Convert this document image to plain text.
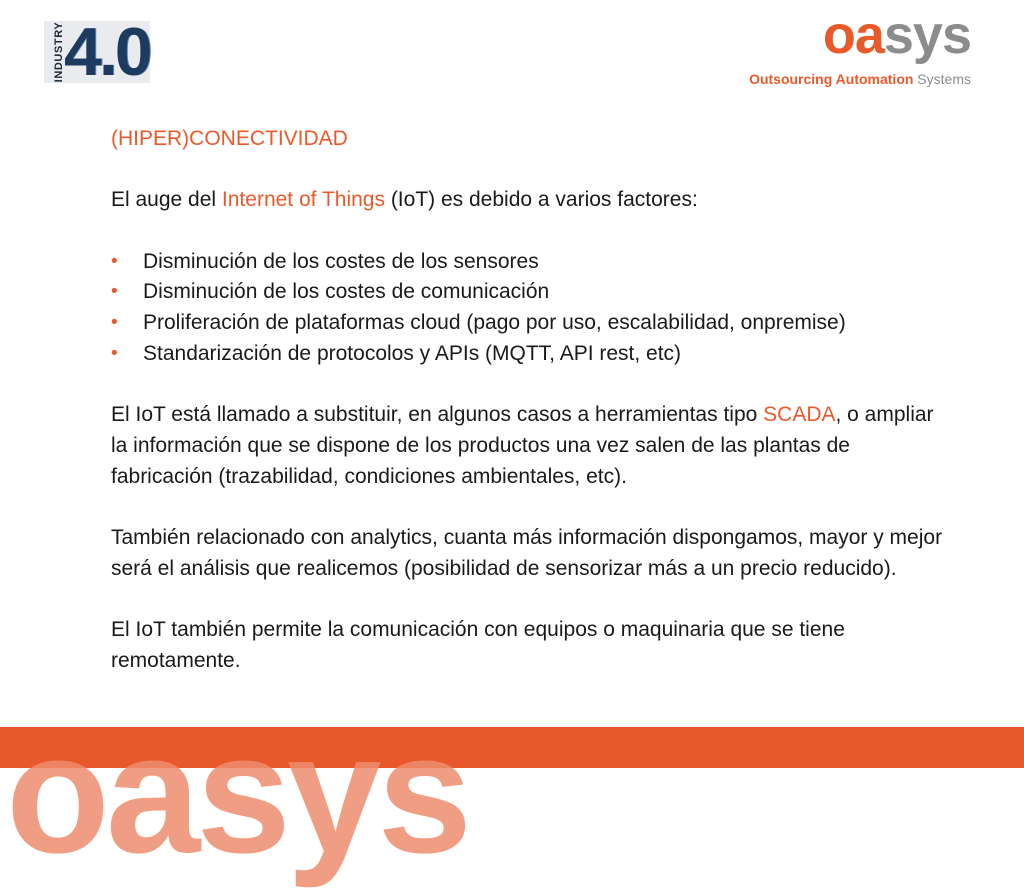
INDUSTRY 4.0	oasys
Outsourcing Automation Systems

(HIPER)CONECTIVIDAD

El auge del Internet of Things (IoT) es debido a varios factores:

• Disminución de los costes de los sensores
• Disminución de los costes de comunicación
• Proliferación de plataformas cloud (pago por uso, escalabilidad, onpremise)
• Standarización de protocolos y APIs (MQTT, API rest, etc)

El IoT está llamado a substituir, en algunos casos a herramientas tipo SCADA, o ampliar la información que se dispone de los productos una vez salen de las plantas de fabricación (trazabilidad, condiciones ambientales, etc).

También relacionado con analytics, cuanta más información dispongamos, mayor y mejor será el análisis que realicemos (posibilidad de sensorizar más a un precio reducido).

El IoT también permite la comunicación con equipos o maquinaria que se tiene remotamente.

oasys
